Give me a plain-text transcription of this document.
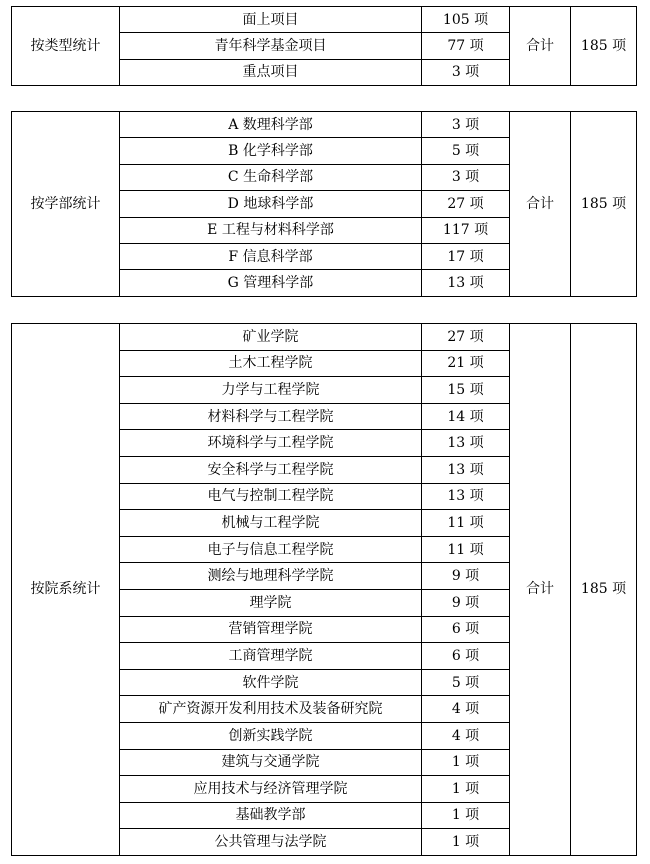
按类型统计	面上项目	105 项	合计	185 项
	青年科学基金项目	77 项		
	重点项目	3 项		
按学部统计	A 数理科学部	3 项	合计	185 项
	B 化学科学部	5 项		
	C 生命科学部	3 项		
	D 地球科学部	27 项		
	E 工程与材料科学部	117 项		
	F 信息科学部	17 项		
	G 管理科学部	13 项		
按院系统计	矿业学院	27 项	合计	185 项
	土木工程学院	21 项		
	力学与工程学院	15 项		
	材料科学与工程学院	14 项		
	环境科学与工程学院	13 项		
	安全科学与工程学院	13 项		
	电气与控制工程学院	13 项		
	机械与工程学院	11 项		
	电子与信息工程学院	11 项		
	测绘与地理科学学院	9 项		
	理学院	9 项		
	营销管理学院	6 项		
	工商管理学院	6 项		
	软件学院	5 项		
	矿产资源开发利用技术及装备研究院	4 项		
	创新实践学院	4 项		
	建筑与交通学院	1 项		
	应用技术与经济管理学院	1 项		
	基础教学部	1 项		
	公共管理与法学院	1 项		
